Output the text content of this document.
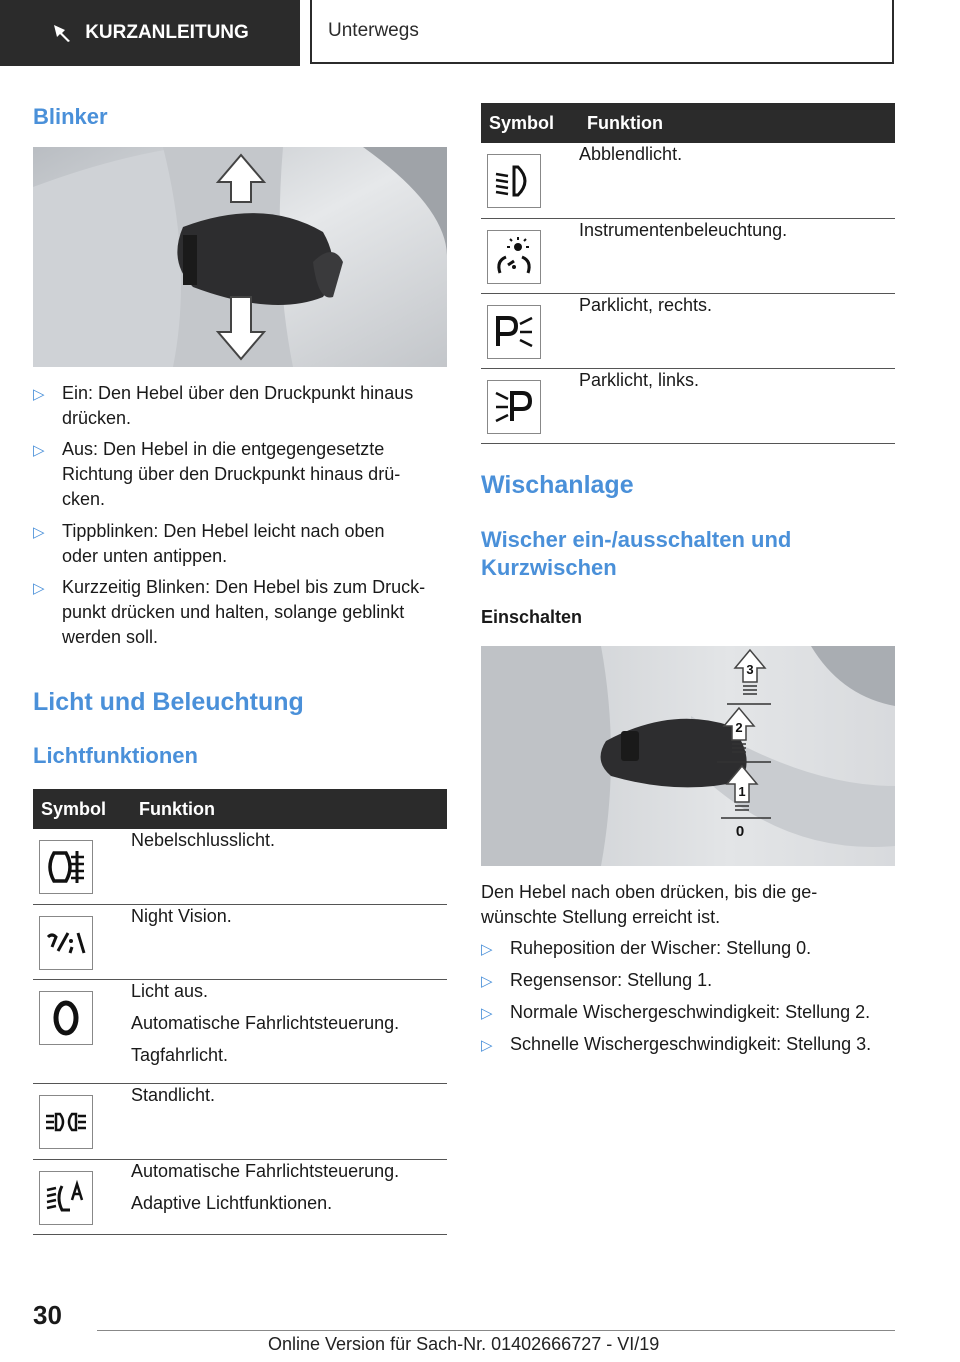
KURZANLEITUNG	Unterwegs
Blinker
▷ Ein: Den Hebel über den Druckpunkt hinaus
drücken.
▷ Aus: Den Hebel in die entgegengesetzte
Richtung über den Druckpunkt hinaus drü-
cken.
▷ Tippblinken: Den Hebel leicht nach oben
oder unten antippen.
▷ Kurzzeitig Blinken: Den Hebel bis zum Druck-
punkt drücken und halten, solange geblinkt
werden soll.
Licht und Beleuchtung
Lichtfunktionen
Symbol	Funktion

Nebelschlusslicht.

Night Vision.

Licht aus.
Automatische Fahrlichtsteuerung.
Tagfahrlicht.

Standlicht.

Automatische Fahrlichtsteuerung.
Adaptive Lichtfunktionen.
Symbol	Funktion

Abblendlicht.

Instrumentenbeleuchtung.

Parklicht, rechts.

Parklicht, links.
Wischanlage
Wischer ein-/ausschalten und
Kurzwischen
Einschalten
3
2
1
0
Den Hebel nach oben drücken, bis die ge-
wünschte Stellung erreicht ist.
▷ Ruheposition der Wischer: Stellung 0.
▷ Regensensor: Stellung 1.
▷ Normale Wischergeschwindigkeit: Stellung 2.
▷ Schnelle Wischergeschwindigkeit: Stellung 3.
30
Online Version für Sach-Nr. 01402666727 - VI/19
